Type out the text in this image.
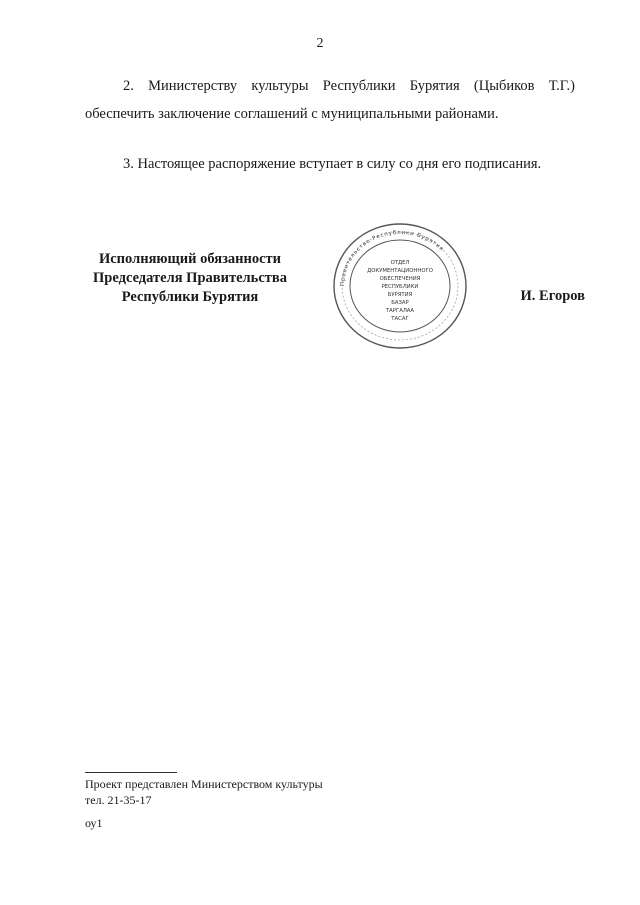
2

2. Министерству культуры Республики Бурятия (Цыбиков Т.Г.) обеспечить заключение соглашений с муниципальными районами.

3. Настоящее распоряжение вступает в силу со дня его подписания.

Исполняющий обязанности
Председателя Правительства
Республики Бурятия
ОТДЕЛ
ДОКУМЕНТАЦИОННОГО
ОБЕСПЕЧЕНИЯ
РЕСПУБЛИКИ
БУРЯТИЯ
БАЗАР
ТАРГАЛАА
ТАСАГ
Правительство Республики Бурятия
И. Егоров
Проект представлен Министерством культуры
тел. 21-35-17
оу1
